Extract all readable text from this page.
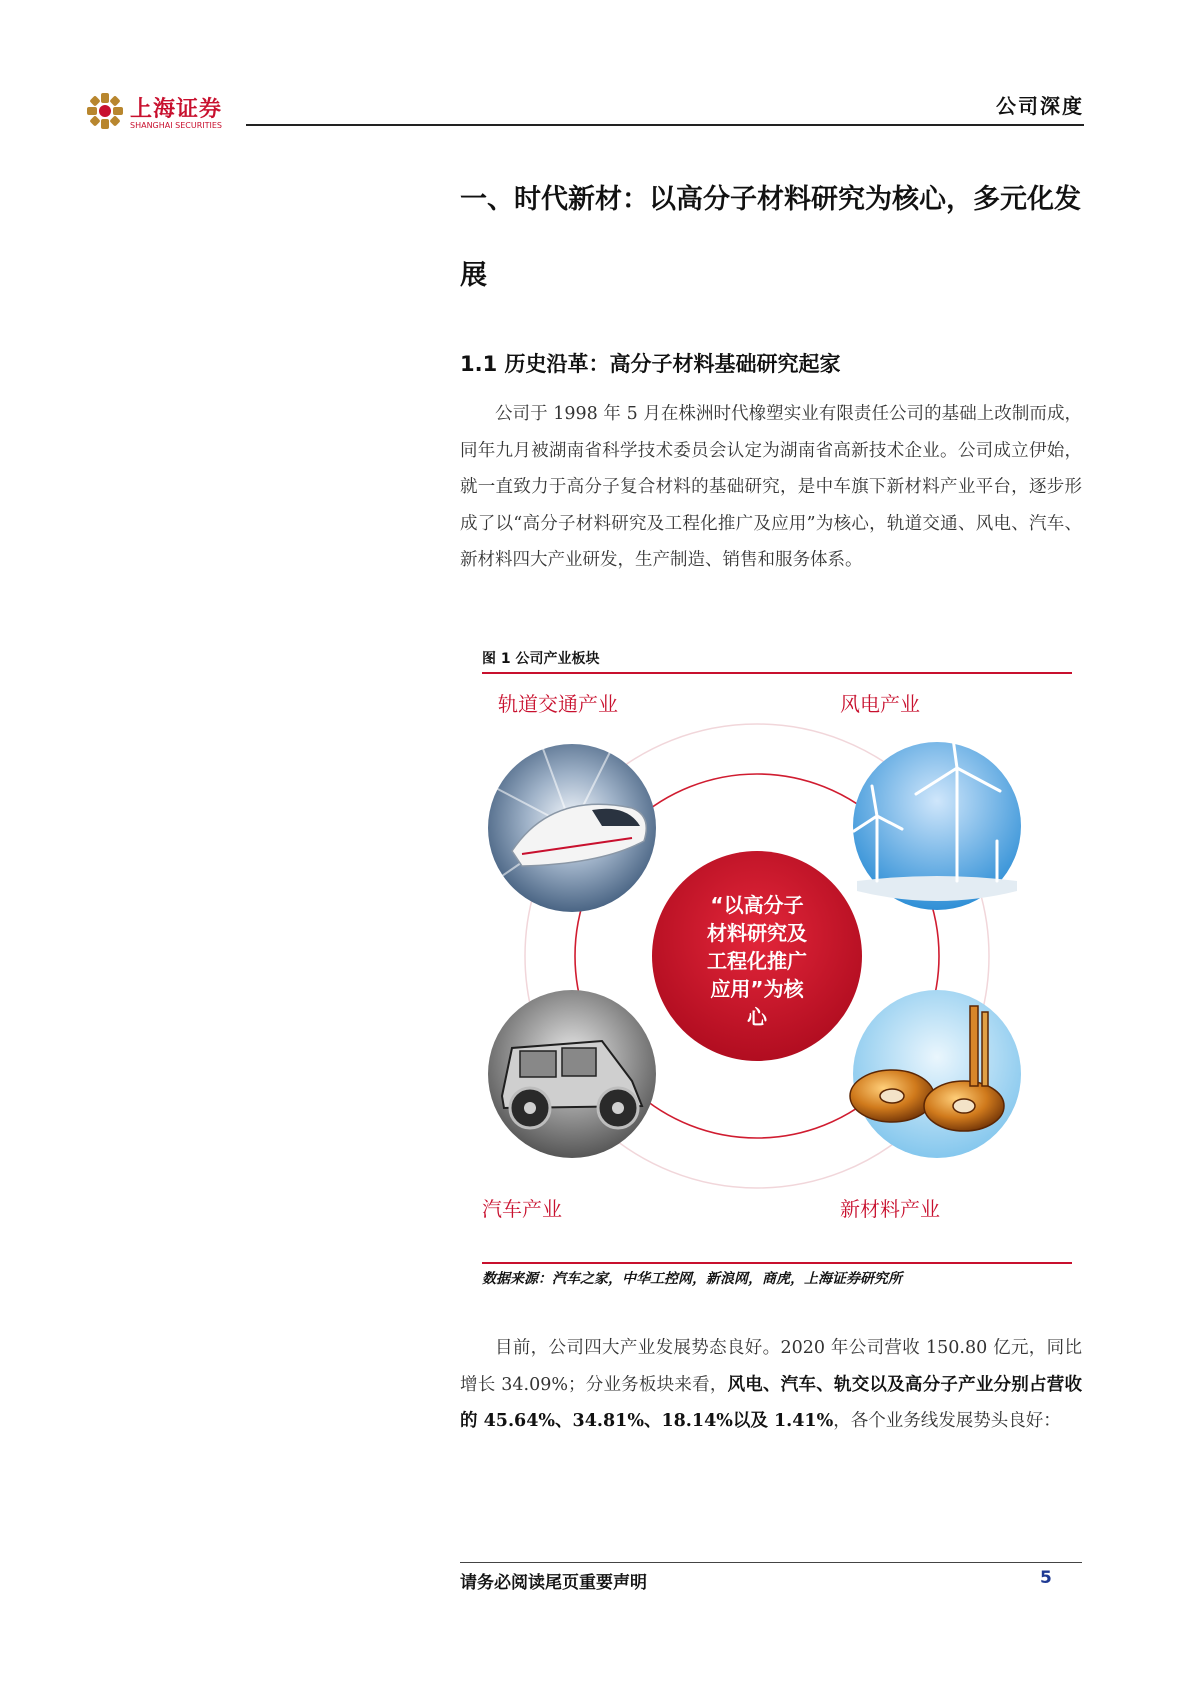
上海证券
SHANGHAI SECURITIES
公司深度
一、时代新材：以高分子材料研究为核心，多元化发展
1.1 历史沿革：高分子材料基础研究起家
公司于 1998 年 5 月在株洲时代橡塑实业有限责任公司的基础上改制而成，同年九月被湖南省科学技术委员会认定为湖南省高新技术企业。公司成立伊始，就一直致力于高分子复合材料的基础研究，是中车旗下新材料产业平台，逐步形成了以“高分子材料研究及工程化推广及应用”为核心，轨道交通、风电、汽车、新材料四大产业研发，生产制造、销售和服务体系。
图 1 公司产业板块
“以高分子
材料研究及
工程化推广
应用”为核
心
轨道交通产业	风电产业
汽车产业	新材料产业
数据来源：汽车之家，中华工控网，新浪网，商虎，上海证券研究所
目前，公司四大产业发展势态良好。2020 年公司营收 150.80 亿元，同比增长 34.09%；分业务板块来看，风电、汽车、轨交以及高分子产业分别占营收的 45.64%、34.81%、18.14%以及 1.41%，各个业务线发展势头良好：
请务必阅读尾页重要声明	5
